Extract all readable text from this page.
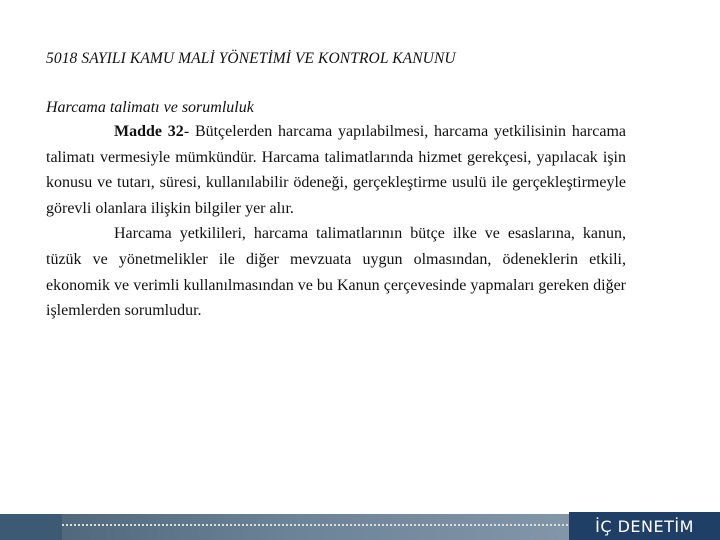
5018 SAYILI KAMU MALİ YÖNETİMİ VE KONTROL KANUNU
Harcama talimatı ve sorumluluk

Madde 32- Bütçelerden harcama yapılabilmesi, harcama yetkilisinin harcama talimatı vermesiyle mümkündür. Harcama talimatlarında hizmet gerekçesi, yapılacak işin konusu ve tutarı, süresi, kullanılabilir ödeneği, gerçekleştirme usulü ile gerçekleştirmeyle görevli olanlara ilişkin bilgiler yer alır.

Harcama yetkilileri, harcama talimatlarının bütçe ilke ve esaslarına, kanun, tüzük ve yönetmelikler ile diğer mevzuata uygun olmasından, ödeneklerin etkili, ekonomik ve verimli kullanılmasından ve bu Kanun çerçevesinde yapmaları gereken diğer işlemlerden sorumludur.

İÇ DENETİM
